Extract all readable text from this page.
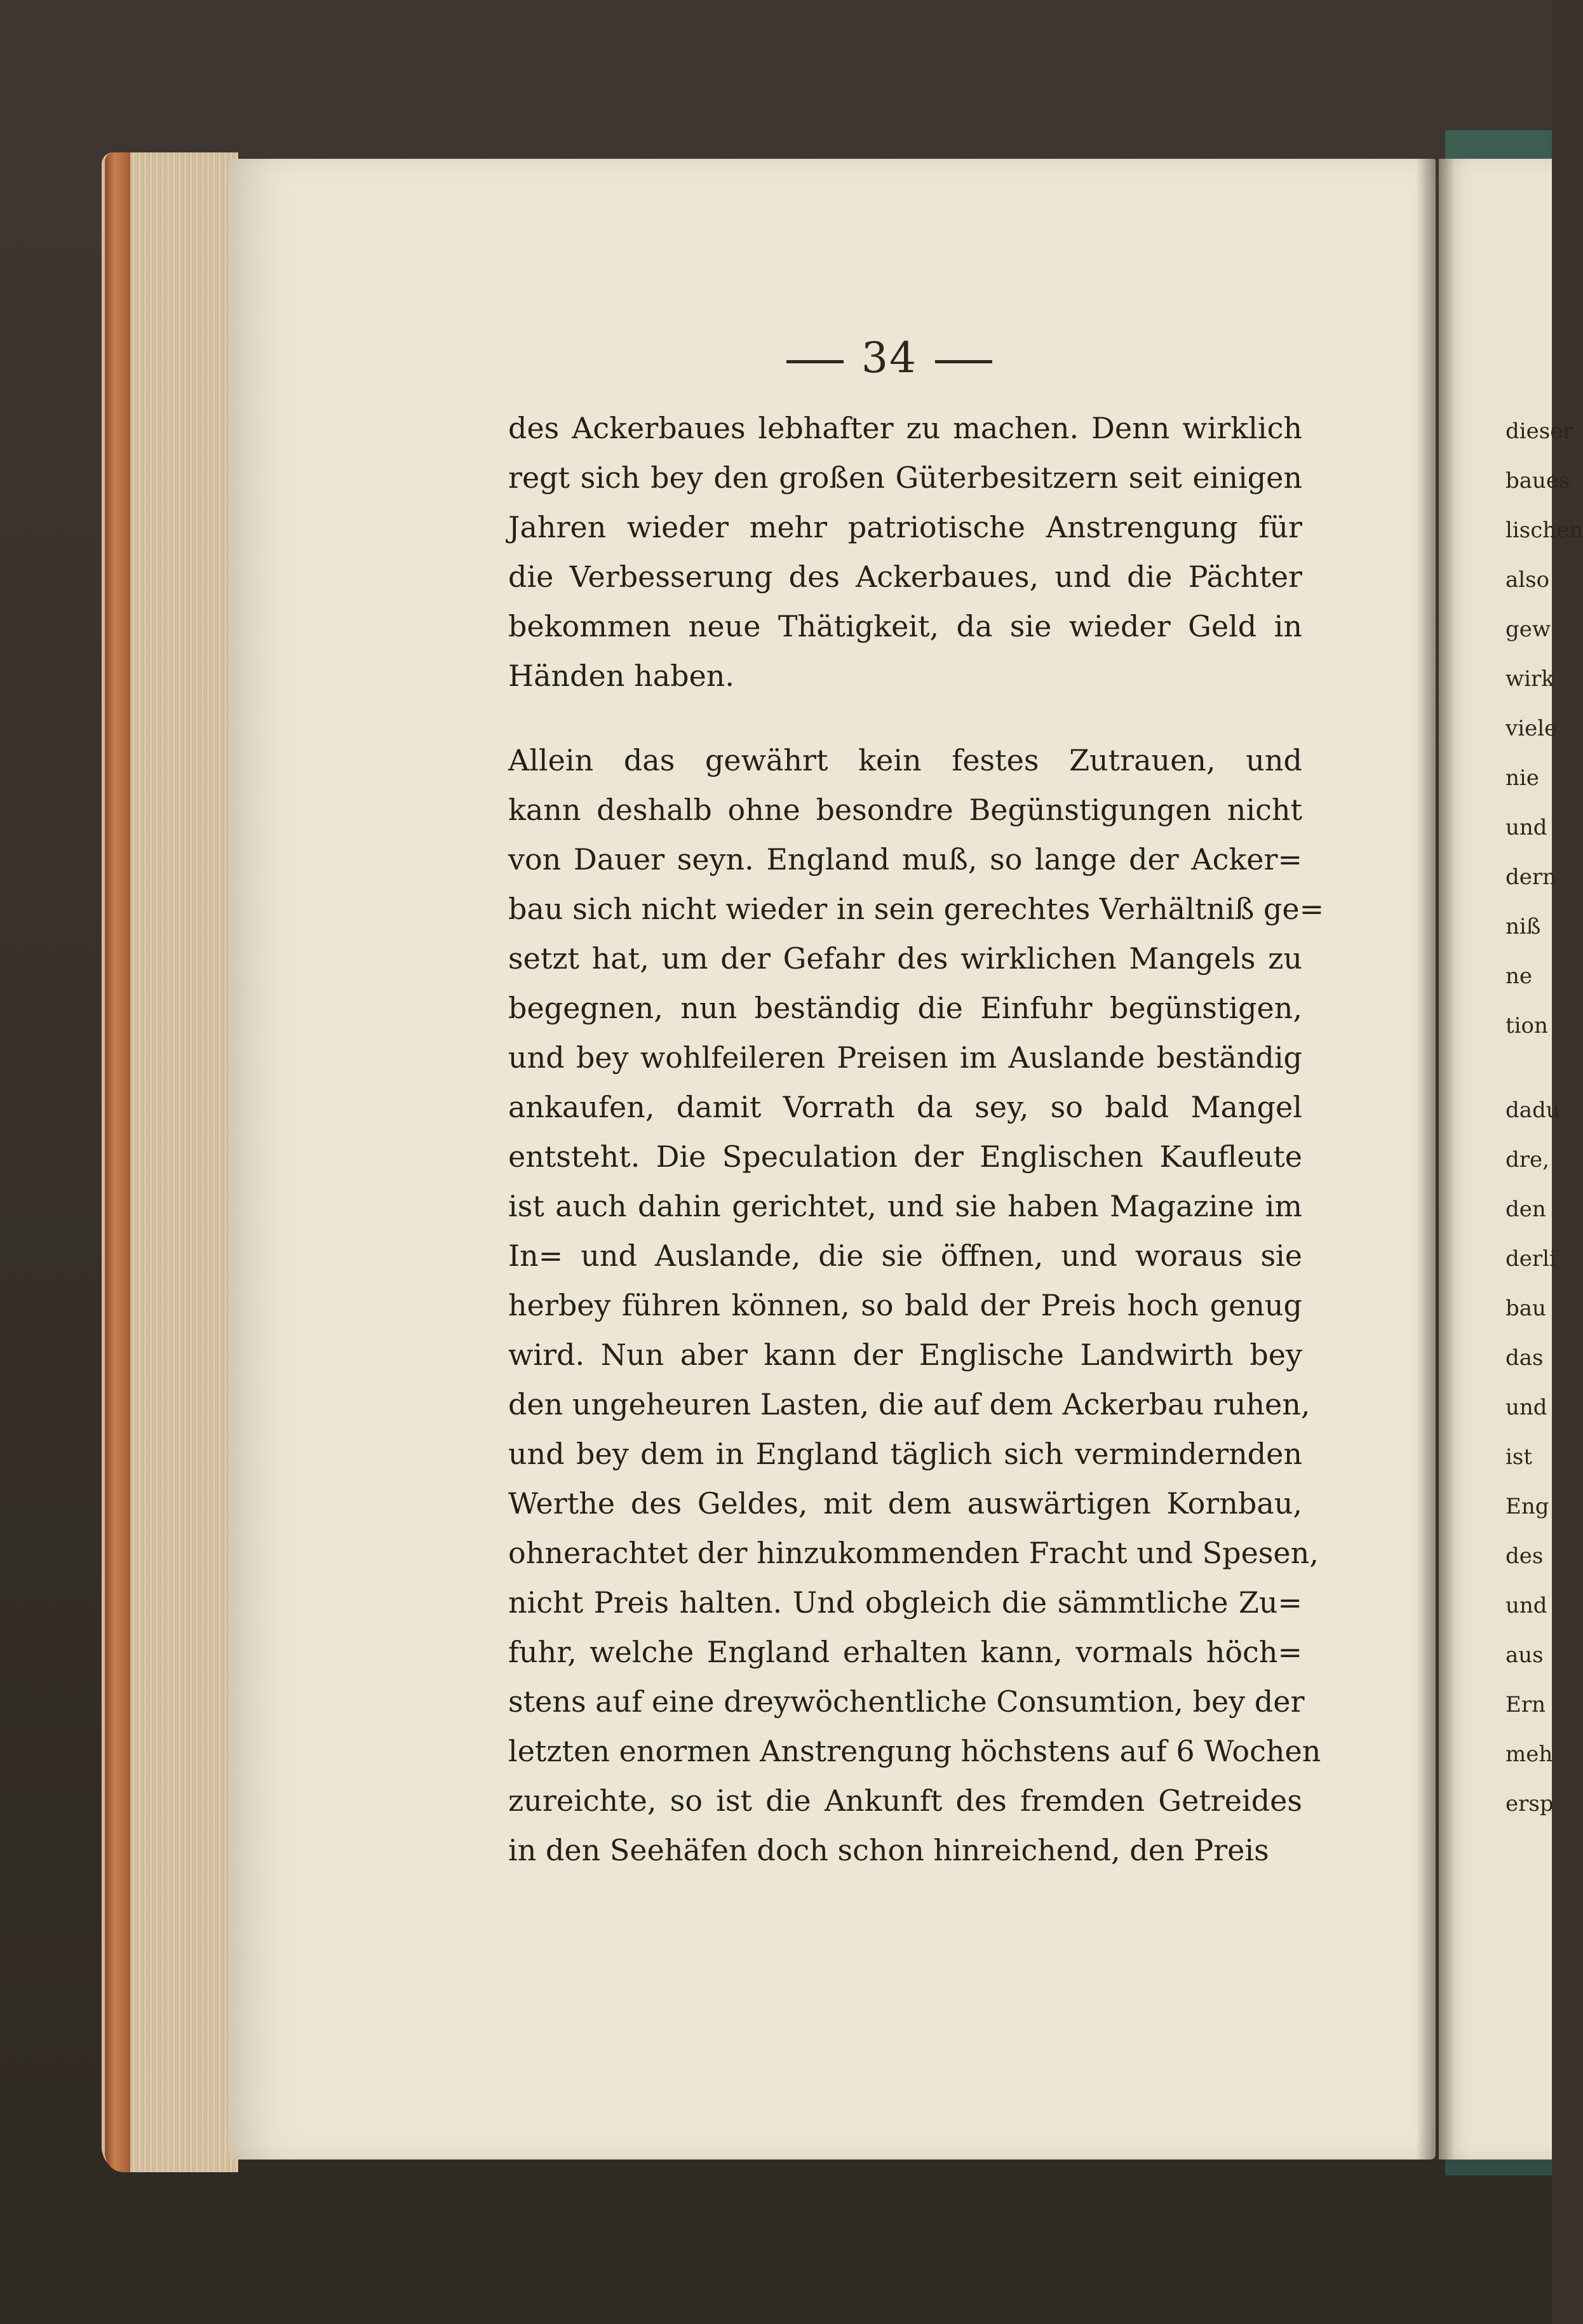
34
des Ackerbaues lebhafter zu machen. Denn wirklich
regt sich bey den großen Güterbesitzern seit einigen
Jahren wieder mehr patriotische Anstrengung für
die Verbesserung des Ackerbaues, und die Pächter
bekommen neue Thätigkeit, da sie wieder Geld in
Händen haben.
Allein das gewährt kein festes Zutrauen, und
kann deshalb ohne besondre Begünstigungen nicht
von Dauer seyn. England muß, so lange der Acker=
bau sich nicht wieder in sein gerechtes Verhältniß ge=
setzt hat, um der Gefahr des wirklichen Mangels zu
begegnen, nun beständig die Einfuhr begünstigen,
und bey wohlfeileren Preisen im Auslande beständig
ankaufen, damit Vorrath da sey, so bald Mangel
entsteht. Die Speculation der Englischen Kaufleute
ist auch dahin gerichtet, und sie haben Magazine im
In= und Auslande, die sie öffnen, und woraus sie
herbey führen können, so bald der Preis hoch genug
wird. Nun aber kann der Englische Landwirth bey
den ungeheuren Lasten, die auf dem Ackerbau ruhen,
und bey dem in England täglich sich vermindernden
Werthe des Geldes, mit dem auswärtigen Kornbau,
ohnerachtet der hinzukommenden Fracht und Spesen,
nicht Preis halten. Und obgleich die sämmtliche Zu=
fuhr, welche England erhalten kann, vormals höch=
stens auf eine dreywöchentliche Consumtion, bey der
letzten enormen Anstrengung höchstens auf 6 Wochen
zureichte, so ist die Ankunft des fremden Getreides
in den Seehäfen doch schon hinreichend, den Preis
dieser
baues
lischen
also
gew
wirk
viele
nie
und
dern
niß
ne
tion
dadu
dre,
den
derli
bau
das
und
ist
Eng
des
und
aus
Ern
meh
ersp
